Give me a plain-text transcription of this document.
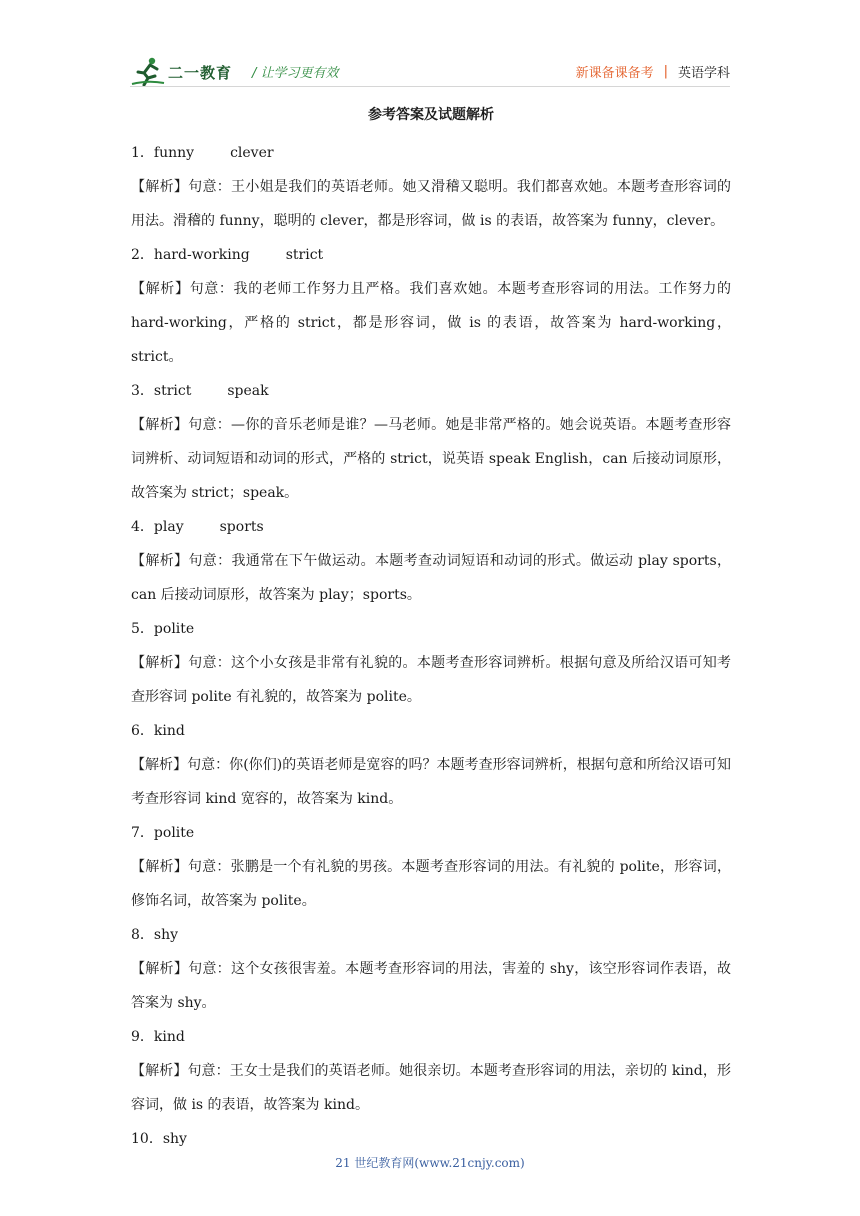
二一教育 / 让学习更有效	新课备课备考 | 英语学科
参考答案及试题解析
1．funny	clever
【解析】句意：王小姐是我们的英语老师。她又滑稽又聪明。我们都喜欢她。本题考查形容词的用法。滑稽的 funny，聪明的 clever，都是形容词，做 is 的表语，故答案为 funny，clever。
2．hard-working	strict
【解析】句意：我的老师工作努力且严格。我们喜欢她。本题考查形容词的用法。工作努力的 hard-working，严格的 strict，都是形容词，做 is 的表语，故答案为 hard-working，strict。
3．strict	speak
【解析】句意：—你的音乐老师是谁？—马老师。她是非常严格的。她会说英语。本题考查形容词辨析、动词短语和动词的形式，严格的 strict，说英语 speak English，can 后接动词原形，故答案为 strict；speak。
4．play	sports
【解析】句意：我通常在下午做运动。本题考查动词短语和动词的形式。做运动 play sports，can 后接动词原形，故答案为 play；sports。
5．polite
【解析】句意：这个小女孩是非常有礼貌的。本题考查形容词辨析。根据句意及所给汉语可知考查形容词 polite 有礼貌的，故答案为 polite。
6．kind
【解析】句意：你(你们)的英语老师是宽容的吗？本题考查形容词辨析，根据句意和所给汉语可知考查形容词 kind 宽容的，故答案为 kind。
7．polite
【解析】句意：张鹏是一个有礼貌的男孩。本题考查形容词的用法。有礼貌的 polite，形容词，修饰名词，故答案为 polite。
8．shy
【解析】句意：这个女孩很害羞。本题考查形容词的用法，害羞的 shy，该空形容词作表语，故答案为 shy。
9．kind
【解析】句意：王女士是我们的英语老师。她很亲切。本题考查形容词的用法，亲切的 kind，形容词，做 is 的表语，故答案为 kind。
10．shy
21 世纪教育网(www.21cnjy.com)
